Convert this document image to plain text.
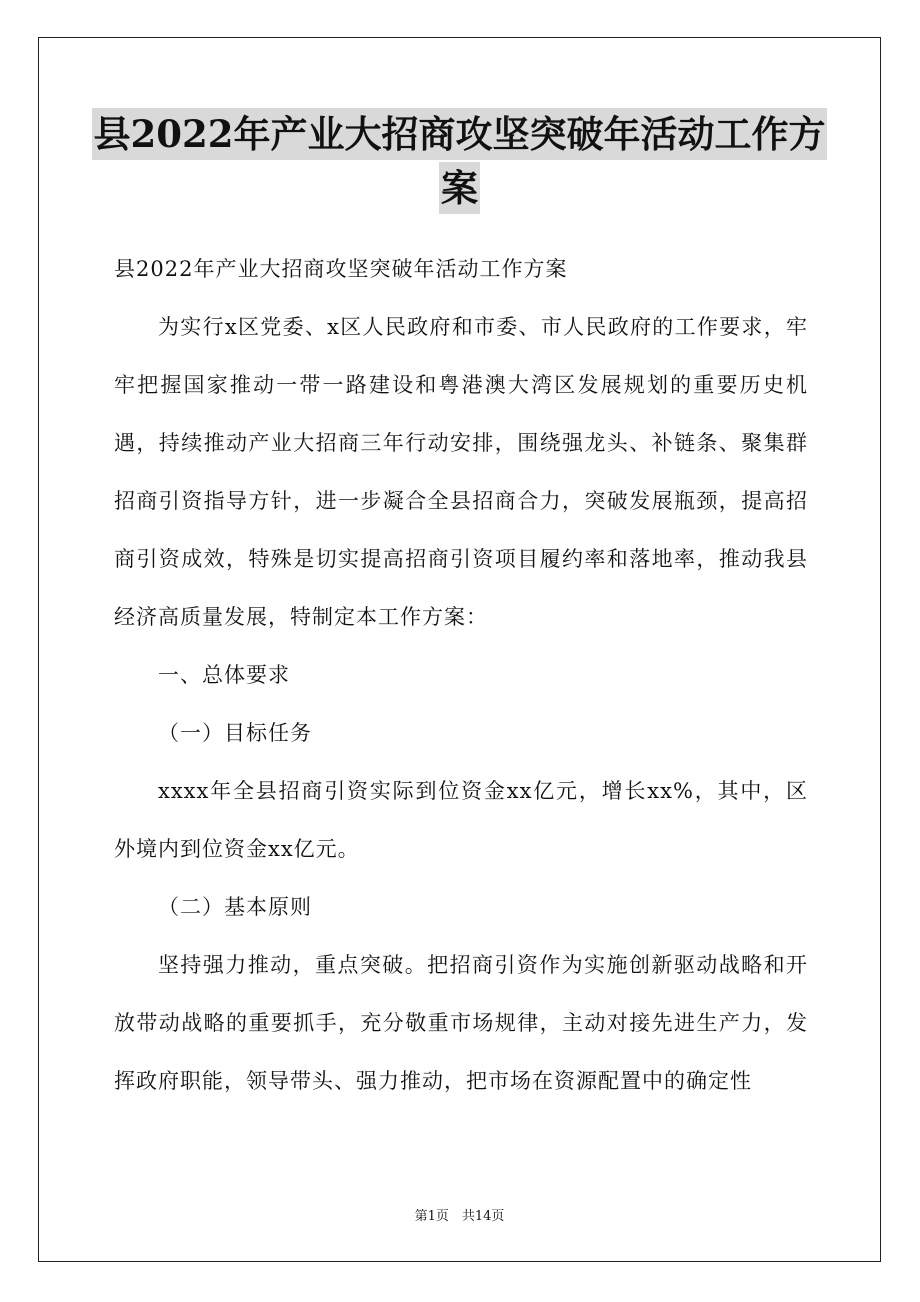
县2022年产业大招商攻坚突破年活动工作方
案

县2022年产业大招商攻坚突破年活动工作方案

为实行x区党委、x区人民政府和市委、市人民政府的工作要求，牢牢把握国家推动一带一路建设和粤港澳大湾区发展规划的重要历史机遇，持续推动产业大招商三年行动安排，围绕强龙头、补链条、聚集群招商引资指导方针，进一步凝合全县招商合力，突破发展瓶颈，提高招商引资成效，特殊是切实提高招商引资项目履约率和落地率，推动我县经济高质量发展，特制定本工作方案：

一、总体要求

（一）目标任务

xxxx年全县招商引资实际到位资金xx亿元，增长xx%，其中，区外境内到位资金xx亿元。

（二）基本原则

坚持强力推动，重点突破。把招商引资作为实施创新驱动战略和开放带动战略的重要抓手，充分敬重市场规律，主动对接先进生产力，发挥政府职能，领导带头、强力推动，把市场在资源配置中的确定性

第1页　共14页
